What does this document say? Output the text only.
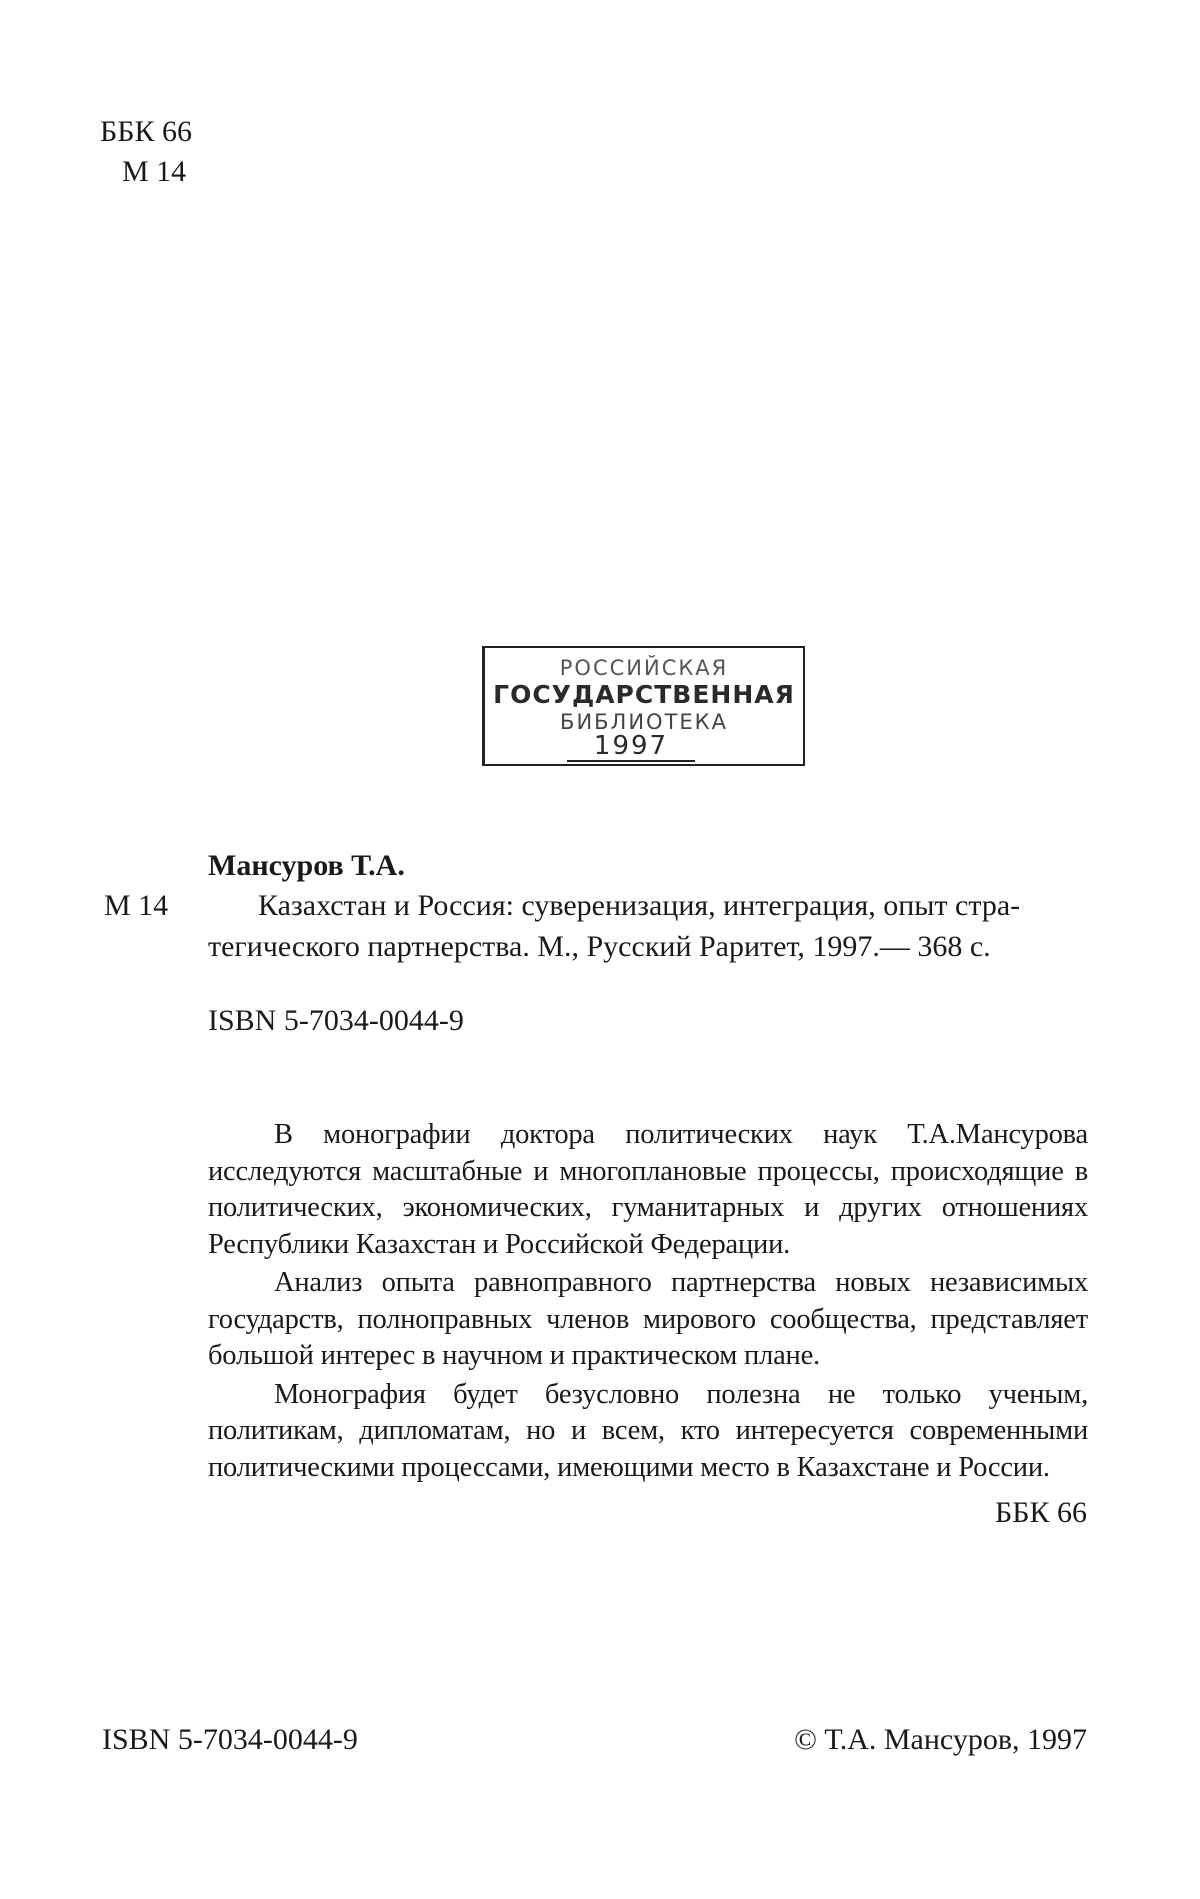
ББК 66
М 14
РОССИЙСКАЯ
ГОСУДАРСТВЕННАЯ
БИБЛИОТЕКА
1997
Мансуров Т.А.
М 14	Казахстан и Россия: суверенизация, интеграция, опыт стра-
тегического партнерства. М., Русский Раритет, 1997.— 368 с.
ISBN 5-7034-0044-9

В монографии доктора политических наук Т.А.Мансурова исследуются масштабные и многоплановые процессы, происходящие в политических, экономических, гуманитарных и других отношениях Республики Казахстан и Российской Федерации.

Анализ опыта равноправного партнерства новых независимых государств, полноправных членов мирового сообщества, представляет большой интерес в научном и практическом плане.

Монография будет безусловно полезна не только ученым, политикам, дипломатам, но и всем, кто интересуется современными политическими процессами, имеющими место в Казахстане и России.

ББК 66
ISBN 5-7034-0044-9	© Т.А. Мансуров, 1997
